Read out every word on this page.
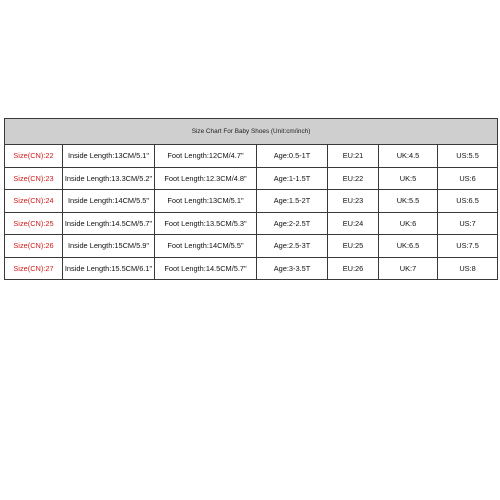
Size Chart For Baby Shoes (Unit:cm/inch)						
Size(CN):22	Inside Length:13CM/5.1"	Foot Length:12CM/4.7"	Age:0.5-1T	EU:21	UK:4.5	US:5.5
Size(CN):23	Inside Length:13.3CM/5.2"	Foot Length:12.3CM/4.8"	Age:1-1.5T	EU:22	UK:5	US:6
Size(CN):24	Inside Length:14CM/5.5"	Foot Length:13CM/5.1"	Age:1.5-2T	EU:23	UK:5.5	US:6.5
Size(CN):25	Inside Length:14.5CM/5.7"	Foot Length:13.5CM/5.3"	Age:2-2.5T	EU:24	UK:6	US:7
Size(CN):26	Inside Length:15CM/5.9"	Foot Length:14CM/5.5"	Age:2.5-3T	EU:25	UK:6.5	US:7.5
Size(CN):27	Inside Length:15.5CM/6.1"	Foot Length:14.5CM/5.7"	Age:3-3.5T	EU:26	UK:7	US:8
